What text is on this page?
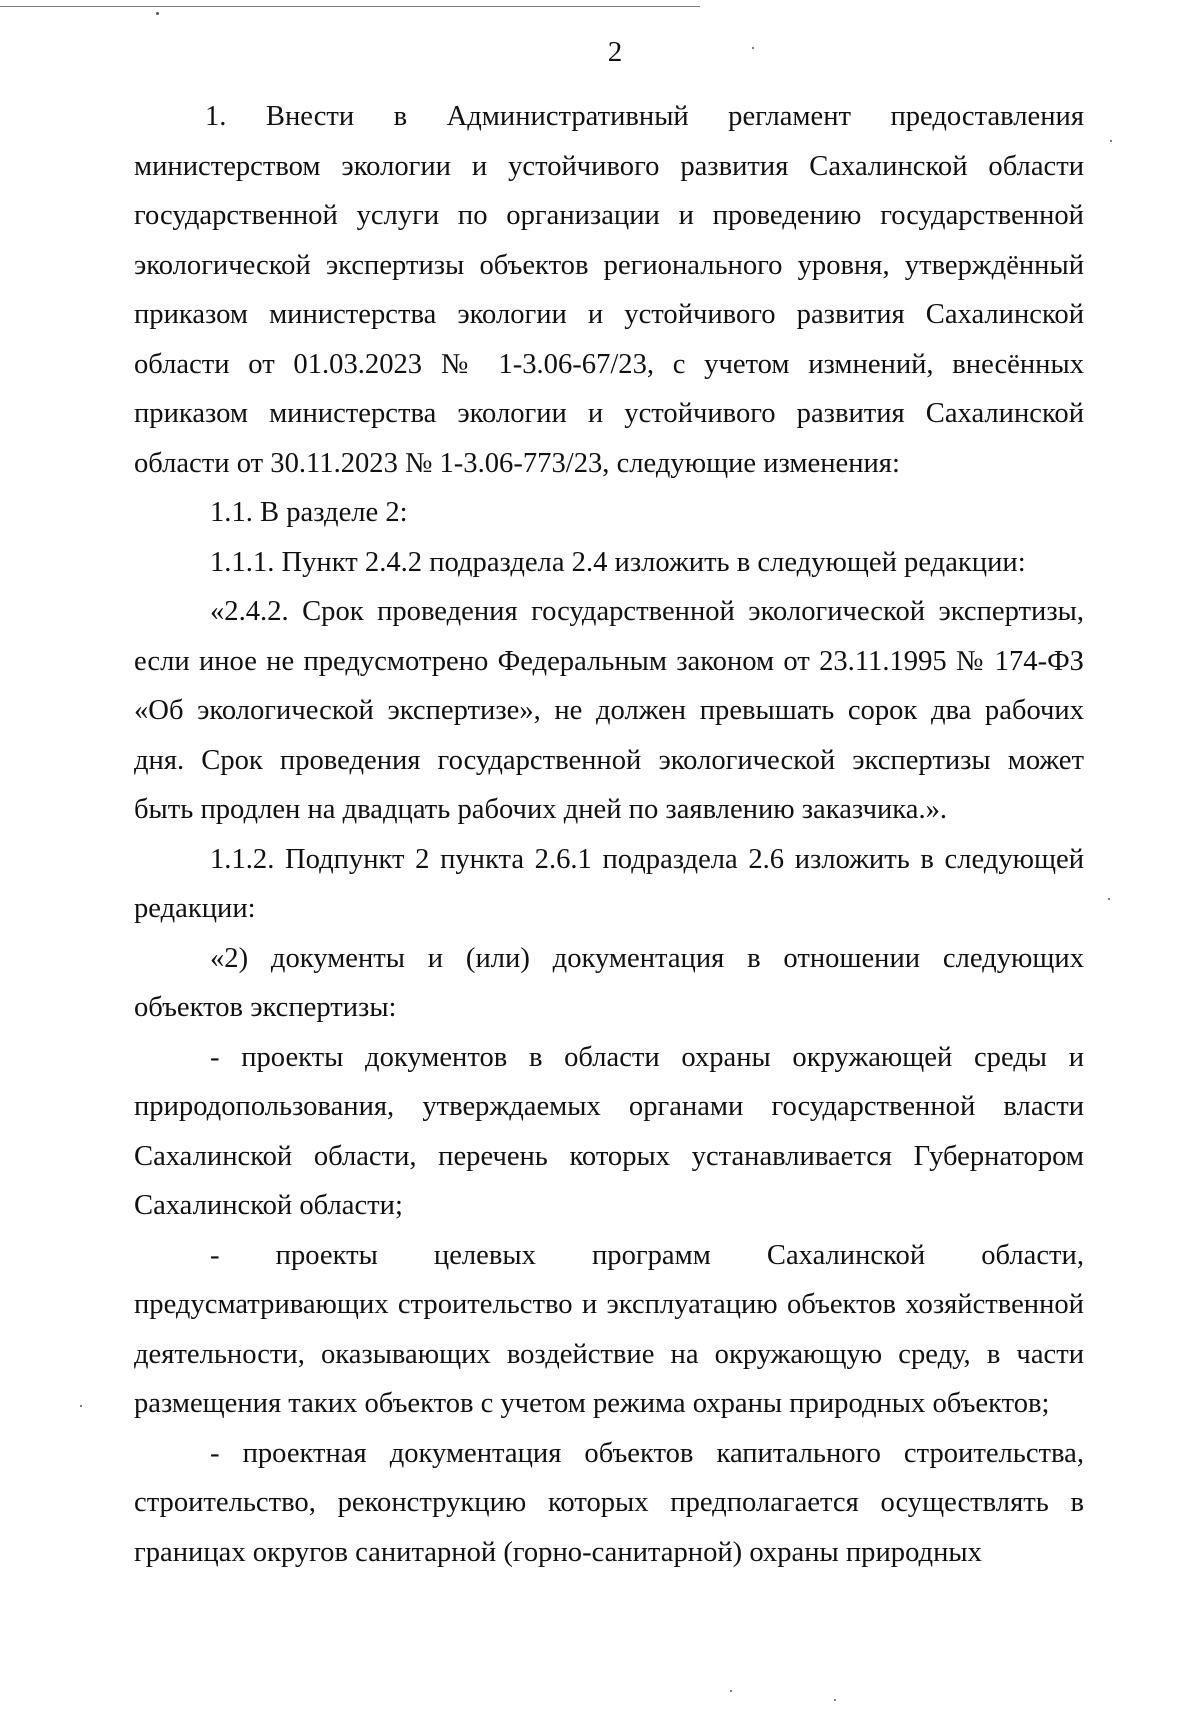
2

1. Внести в Административный регламент предоставления министерством экологии и устойчивого развития Сахалинской области государственной услуги по организации и проведению государственной экологической экспертизы объектов регионального уровня, утверждённый приказом министерства экологии и устойчивого развития Сахалинской области от 01.03.2023 № 1-3.06-67/23, с учетом измнений, внесённых приказом министерства экологии и устойчивого развития Сахалинской области от 30.11.2023 № 1-3.06-773/23, следующие изменения:

1.1. В разделе 2:

1.1.1. Пункт 2.4.2 подраздела 2.4 изложить в следующей редакции:

«2.4.2. Срок проведения государственной экологической экспертизы, если иное не предусмотрено Федеральным законом от 23.11.1995 № 174-ФЗ «Об экологической экспертизе», не должен превышать сорок два рабочих дня. Срок проведения государственной экологической экспертизы может быть продлен на двадцать рабочих дней по заявлению заказчика.».

1.1.2. Подпункт 2 пункта 2.6.1 подраздела 2.6 изложить в следующей редакции:

«2) документы и (или) документация в отношении следующих объектов экспертизы:

- проекты документов в области охраны окружающей среды и природопользования, утверждаемых органами государственной власти Сахалинской области, перечень которых устанавливается Губернатором Сахалинской области;

- проекты целевых программ Сахалинской области, предусматривающих строительство и эксплуатацию объектов хозяйственной деятельности, оказывающих воздействие на окружающую среду, в части размещения таких объектов с учетом режима охраны природных объектов;

- проектная документация объектов капитального строительства, строительство, реконструкцию которых предполагается осуществлять в границах округов санитарной (горно-санитарной) охраны природных
